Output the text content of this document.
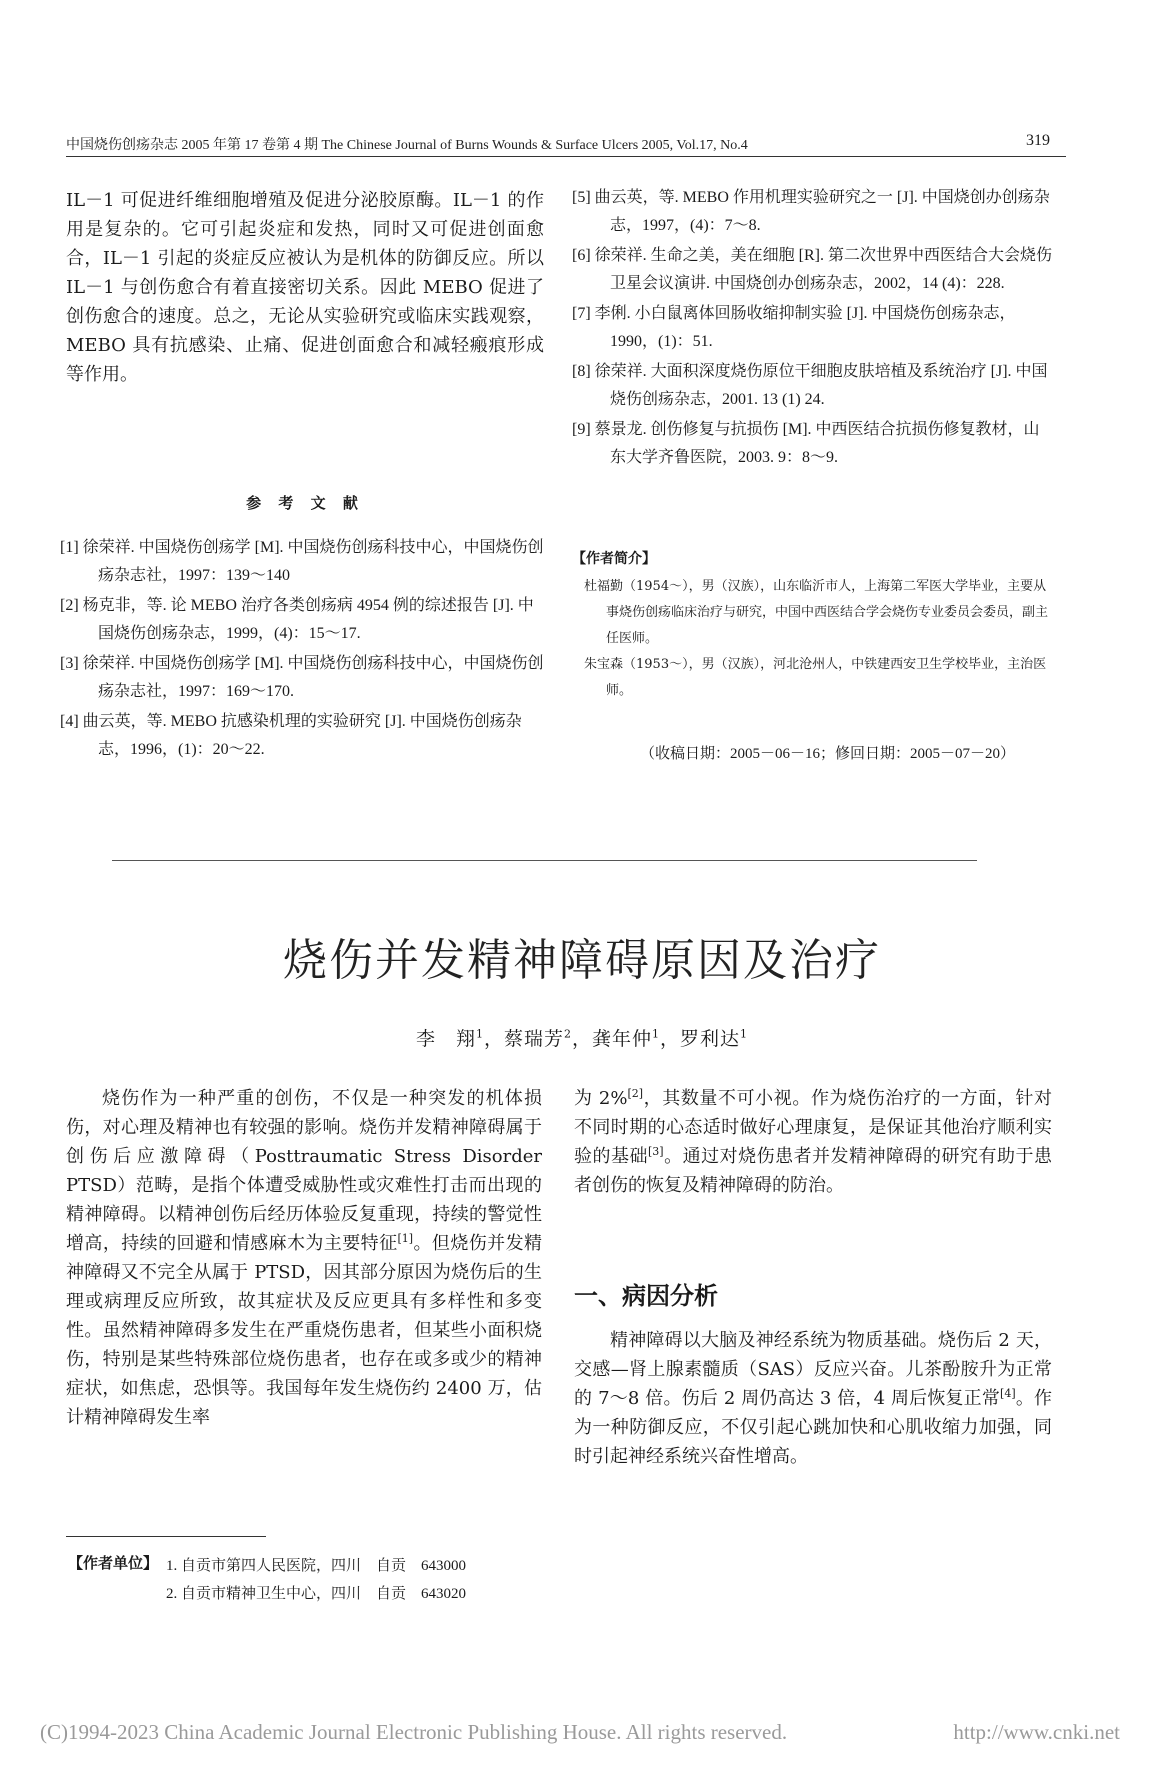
中国烧伤创疡杂志 2005 年第 17 卷第 4 期 The Chinese Journal of Burns Wounds & Surface Ulcers 2005, Vol.17, No.4	319
IL－1 可促进纤维细胞增殖及促进分泌胶原酶。IL－1 的作用是复杂的。它可引起炎症和发热，同时又可促进创面愈合，IL－1 引起的炎症反应被认为是机体的防御反应。所以 IL－1 与创伤愈合有着直接密切关系。因此 MEBO 促进了创伤愈合的速度。总之，无论从实验研究或临床实践观察，MEBO 具有抗感染、止痛、促进创面愈合和减轻瘢痕形成等作用。
参 考 文 献
[1] 徐荣祥. 中国烧伤创疡学 [M]. 中国烧伤创疡科技中心，中国烧伤创疡杂志社，1997：139～140
[2] 杨克非，等. 论 MEBO 治疗各类创疡病 4954 例的综述报告 [J]. 中国烧伤创疡杂志，1999，(4)：15～17.
[3] 徐荣祥. 中国烧伤创疡学 [M]. 中国烧伤创疡科技中心，中国烧伤创疡杂志社，1997：169～170.
[4] 曲云英，等. MEBO 抗感染机理的实验研究 [J]. 中国烧伤创疡杂志，1996，(1)：20～22.
[5] 曲云英，等. MEBO 作用机理实验研究之一 [J]. 中国烧创办创疡杂志，1997，(4)：7～8.
[6] 徐荣祥. 生命之美，美在细胞 [R]. 第二次世界中西医结合大会烧伤卫星会议演讲. 中国烧创办创疡杂志，2002，14 (4)：228.
[7] 李俐. 小白鼠离体回肠收缩抑制实验 [J]. 中国烧伤创疡杂志，1990，(1)：51.
[8] 徐荣祥. 大面积深度烧伤原位干细胞皮肤培植及系统治疗 [J]. 中国烧伤创疡杂志，2001. 13 (1) 24.
[9] 蔡景龙. 创伤修复与抗损伤 [M]. 中西医结合抗损伤修复教材，山东大学齐鲁医院，2003. 9：8～9.
【作者简介】

杜福勤（1954～），男（汉族），山东临沂市人，上海第二军医大学毕业，主要从事烧伤创疡临床治疗与研究，中国中西医结合学会烧伤专业委员会委员，副主任医师。

朱宝森（1953～），男（汉族），河北沧州人，中铁建西安卫生学校毕业，主治医师。

（收稿日期：2005－06－16；修回日期：2005－07－20）
烧伤并发精神障碍原因及治疗
李　翔$^1$，蔡瑞芳$^2$，龚年仲$^1$，罗利达$^1$
烧伤作为一种严重的创伤，不仅是一种突发的机体损伤，对心理及精神也有较强的影响。烧伤并发精神障碍属于创伤后应激障碍（Posttraumatic Stress Disorder PTSD）范畴，是指个体遭受威胁性或灾难性打击而出现的精神障碍。以精神创伤后经历体验反复重现，持续的警觉性增高，持续的回避和情感麻木为主要特征[1]。但烧伤并发精神障碍又不完全从属于 PTSD，因其部分原因为烧伤后的生理或病理反应所致，故其症状及反应更具有多样性和多变性。虽然精神障碍多发生在严重烧伤患者，但某些小面积烧伤，特别是某些特殊部位烧伤患者，也存在或多或少的精神症状，如焦虑，恐惧等。我国每年发生烧伤约 2400 万，估计精神障碍发生率
为 2%[2]，其数量不可小视。作为烧伤治疗的一方面，针对不同时期的心态适时做好心理康复，是保证其他治疗顺利实验的基础[3]。通过对烧伤患者并发精神障碍的研究有助于患者创伤的恢复及精神障碍的防治。
一、病因分析
精神障碍以大脑及神经系统为物质基础。烧伤后 2 天，交感—肾上腺素髓质（SAS）反应兴奋。儿茶酚胺升为正常的 7～8 倍。伤后 2 周仍高达 3 倍，4 周后恢复正常[4]。作为一种防御反应，不仅引起心跳加快和心肌收缩力加强，同时引起神经系统兴奋性增高。
【作者单位】 1. 自贡市第四人民医院，四川　自贡　643000
2. 自贡市精神卫生中心，四川　自贡　643020
(C)1994-2023 China Academic Journal Electronic Publishing House. All rights reserved.	http://www.cnki.net
